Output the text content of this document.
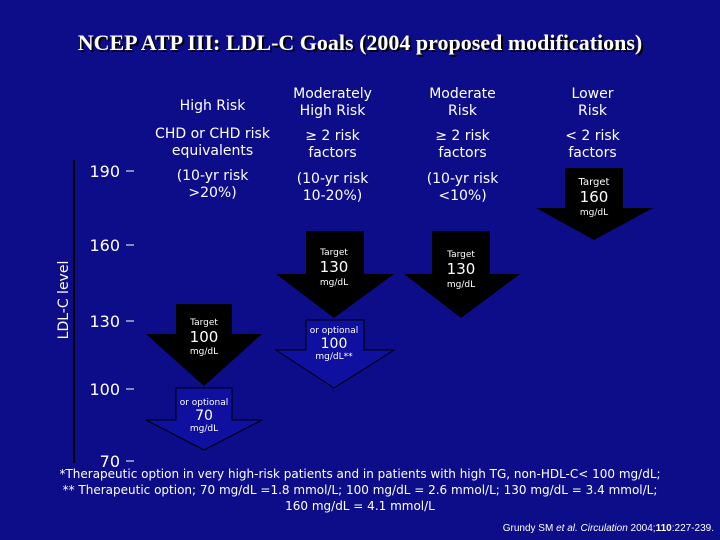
NCEP ATP III: LDL-C Goals (2004 proposed modifications)
High Risk
Moderately
High Risk
Moderate
Risk
Lower
Risk
CHD or CHD risk
equivalents
≥ 2 risk
factors
≥ 2 risk
factors
< 2 risk
factors
(10-yr risk
>20%)
(10-yr risk
10-20%)
(10-yr risk
<10%)
LDL-C level
190
160
130
100
70
Target
100
mg/dL
or optional
70
mg/dL
Target
130
mg/dL
or optional
100
mg/dL**
Target
130
mg/dL
Target
160
mg/dL
*Therapeutic option in very high-risk patients and in patients with high TG, non-HDL-C< 100 mg/dL;
** Therapeutic option; 70 mg/dL =1.8 mmol/L; 100 mg/dL = 2.6 mmol/L; 130 mg/dL = 3.4 mmol/L;
160 mg/dL = 4.1 mmol/L
Grundy SM et al. Circulation 2004;110:227-239.
